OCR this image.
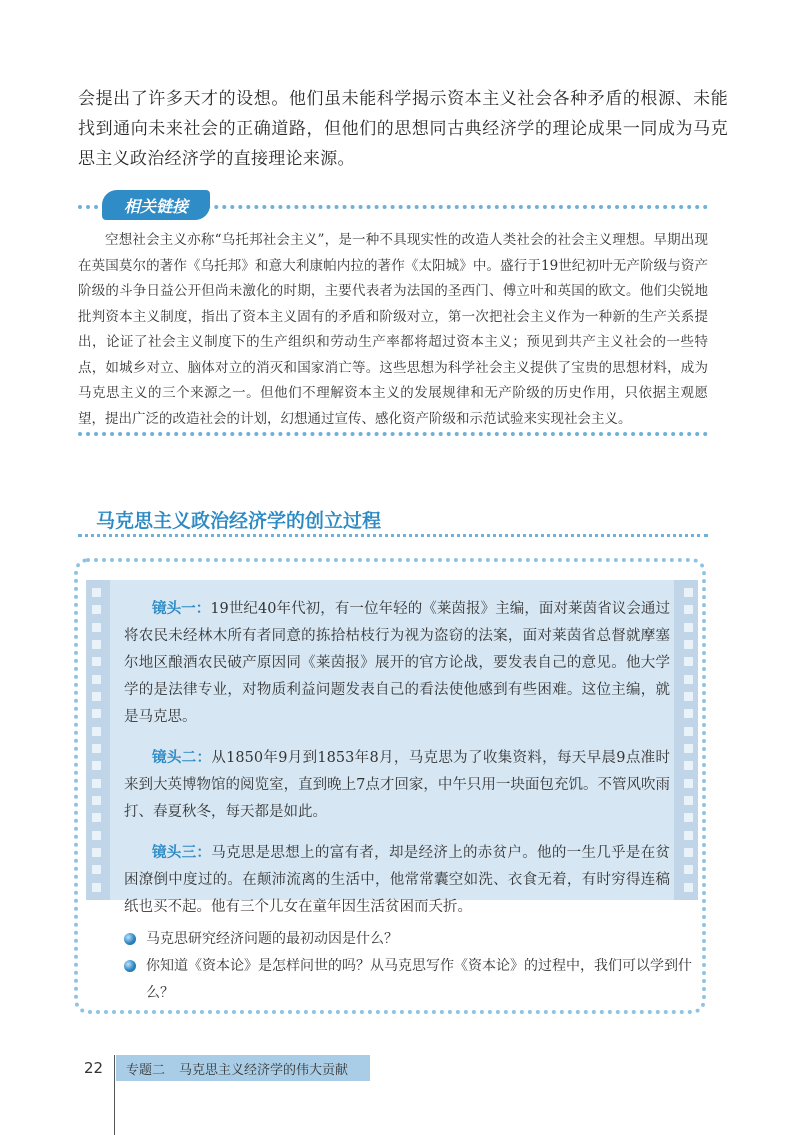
会提出了许多天才的设想。他们虽未能科学揭示资本主义社会各种矛盾的根源、未能找到通向未来社会的正确道路，但他们的思想同古典经济学的理论成果一同成为马克思主义政治经济学的直接理论来源。
相关链接

空想社会主义亦称“乌托邦社会主义”，是一种不具现实性的改造人类社会的社会主义理想。早期出现在英国莫尔的著作《乌托邦》和意大利康帕内拉的著作《太阳城》中。盛行于19世纪初叶无产阶级与资产阶级的斗争日益公开但尚未激化的时期，主要代表者为法国的圣西门、傅立叶和英国的欧文。他们尖锐地批判资本主义制度，指出了资本主义固有的矛盾和阶级对立，第一次把社会主义作为一种新的生产关系提出，论证了社会主义制度下的生产组织和劳动生产率都将超过资本主义；预见到共产主义社会的一些特点，如城乡对立、脑体对立的消灭和国家消亡等。这些思想为科学社会主义提供了宝贵的思想材料，成为马克思主义的三个来源之一。但他们不理解资本主义的发展规律和无产阶级的历史作用，只依据主观愿望，提出广泛的改造社会的计划，幻想通过宣传、感化资产阶级和示范试验来实现社会主义。

马克思主义政治经济学的创立过程

镜头一：19世纪40年代初，有一位年轻的《莱茵报》主编，面对莱茵省议会通过将农民未经林木所有者同意的拣拾枯枝行为视为盗窃的法案，面对莱茵省总督就摩塞尔地区酿酒农民破产原因同《莱茵报》展开的官方论战，要发表自己的意见。他大学学的是法律专业，对物质利益问题发表自己的看法使他感到有些困难。这位主编，就是马克思。

镜头二：从1850年9月到1853年8月，马克思为了收集资料，每天早晨9点准时来到大英博物馆的阅览室，直到晚上7点才回家，中午只用一块面包充饥。不管风吹雨打、春夏秋冬，每天都是如此。

镜头三：马克思是思想上的富有者，却是经济上的赤贫户。他的一生几乎是在贫困潦倒中度过的。在颠沛流离的生活中，他常常囊空如洗、衣食无着，有时穷得连稿纸也买不起。他有三个儿女在童年因生活贫困而夭折。

马克思研究经济问题的最初动因是什么？
你知道《资本论》是怎样问世的吗？从马克思写作《资本论》的过程中，我们可以学到什么？
22 专题二 马克思主义经济学的伟大贡献
